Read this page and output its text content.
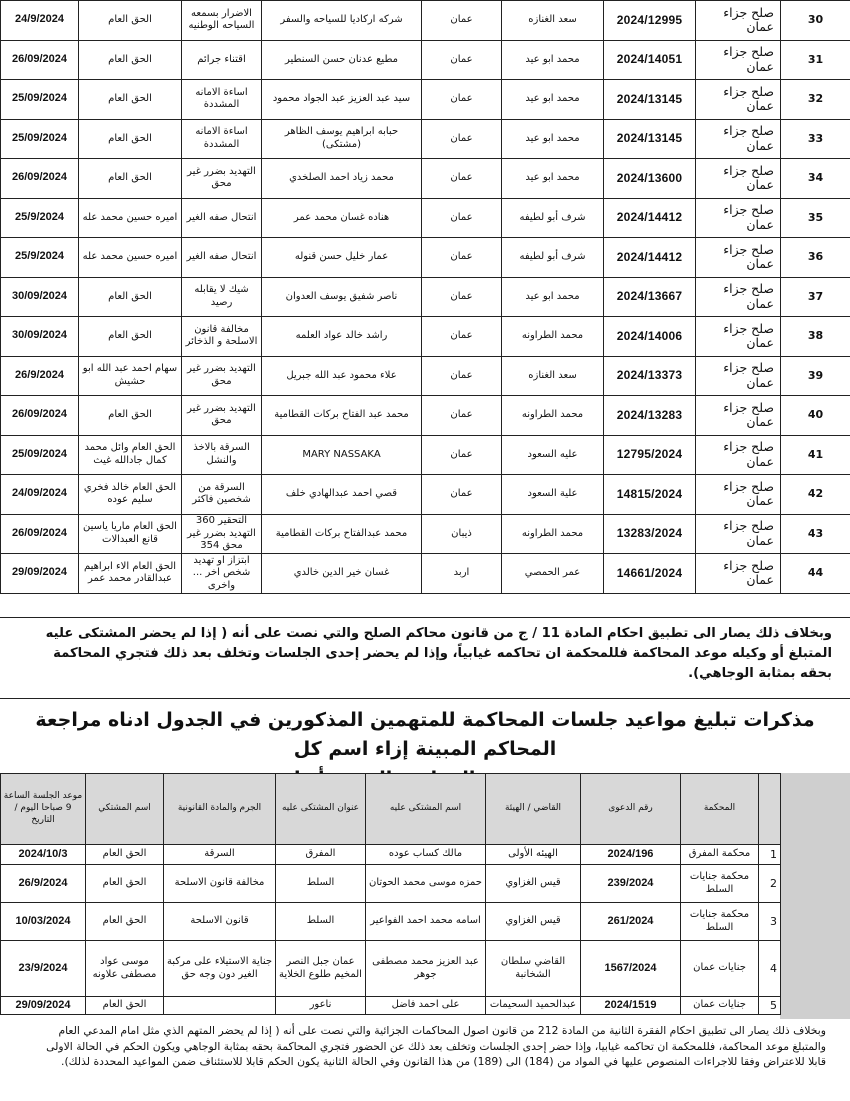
30	صلح جزاء عمان	2024/12995	سعد الغنازه	عمان	شركه اركاديا للسياحه والسفر	الاضرار بسمعه السياحه الوطنيه	الحق العام	24/9/2024
31	صلح جزاء عمان	2024/14051	محمد ابو عيد	عمان	مطيع عدنان حسن السنطير	اقتناء جرائم	الحق العام	26/09/2024
32	صلح جزاء عمان	2024/13145	محمد ابو عيد	عمان	سيد عبد العزيز عبد الجواد محمود	اساءة الامانه المشددة	الحق العام	25/09/2024
33	صلح جزاء عمان	2024/13145	محمد ابو عيد	عمان	حبابه ابراهيم يوسف الظاهر (مشتكى)	اساءة الامانه المشددة	الحق العام	25/09/2024
34	صلح جزاء عمان	2024/13600	محمد ابو عيد	عمان	محمد زياد احمد الصلخدي	التهديد بضرر غير محق	الحق العام	26/09/2024
35	صلح جزاء عمان	2024/14412	شرف أبو لطيفه	عمان	هناده غسان محمد عمر	انتحال صفه الغير	اميره حسين محمد عله	25/9/2024
36	صلح جزاء عمان	2024/14412	شرف أبو لطيفه	عمان	عمار خليل حسن قنوله	انتحال صفه الغير	اميره حسين محمد عله	25/9/2024
37	صلح جزاء عمان	2024/13667	محمد ابو عيد	عمان	ناصر شفيق يوسف العدوان	شيك لا يقابله رصيد	الحق العام	30/09/2024
38	صلح جزاء عمان	2024/14006	محمد الطراونه	عمان	راشد خالد عواد العلمه	مخالفة قانون الاسلحة و الذخائر	الحق العام	30/09/2024
39	صلح جزاء عمان	2024/13373	سعد الغنازه	عمان	علاء محمود عبد الله جبريل	التهديد بضرر غير محق	سهام احمد عبد الله ابو حشيش	26/9/2024
40	صلح جزاء عمان	2024/13283	محمد الطراونه	عمان	محمد عبد الفتاح بركات القطامية	التهديد بضرر غير محق	الحق العام	26/09/2024
41	صلح جزاء عمان	12795/2024	عليه السعود	عمان	MARY NASSAKA	السرقة بالاخذ والنشل	الحق العام وائل محمد كمال جادالله غيث	25/09/2024
42	صلح جزاء عمان	14815/2024	علية السعود	عمان	قصي احمد عبدالهادي خلف	السرقة من شخصين فاكثر	الحق العام خالد فخري سليم عوده	24/09/2024
43	صلح جزاء عمان	13283/2024	محمد الطراونه	ذيبان	محمد عبدالفتاح بركات القطامية	التحقير 360 التهديد بضرر غير محق 354	الحق العام ماريا ياسين قانع العبدالات	26/09/2024
44	صلح جزاء عمان	14661/2024	عمر الحمصي	اربد	غسان خير الدين خالدي	ابتزاز او تهديد شخص اخر ... واخرى	الحق العام الاء ابراهيم عبدالقادر محمد عمر	29/09/2024

وبخلاف ذلك يصار الى تطبيق احكام المادة 11 / ج من قانون محاكم الصلح والتي نصت على أنه ( إذا لم يحضر المشتكى عليه المتبلغ أو وكيله موعد المحاكمة فللمحكمة ان تحاكمه غيابياً، وإذا لم يحضر إحدى الجلسات وتخلف بعد ذلك فتجري المحاكمة بحقه بمثابة الوجاهي).

مذكرات تبليغ مواعيد جلسات المحاكمة للمتهمين المذكورين في الجدول ادناه مراجعة المحاكم المبينة إزاء اسم كل
	المحكمة	رقم الدعوى	القاضي / الهيئة	اسم المشتكى عليه	عنوان المشتكى عليه	الجرم والمادة القانونية	اسم المشتكي	موعد الجلسة الساعة 9 صباحا اليوم / التاريخ
1	محكمة المفرق	2024/196	الهيئه الأولى	مالك كساب عوده	المفرق	السرقة	الحق العام	2024/10/3
2	محكمة جنايات السلط	239/2024	قيس الغزاوي	حمزه موسى محمد الحوتان	السلط	مخالفة قانون الاسلحة	الحق العام	26/9/2024
3	محكمة جنايات السلط	261/2024	قيس الغزاوي	اسامه محمد احمد الفواعير	السلط	قانون الاسلحة	الحق العام	10/03/2024
4	جنايات عمان	1567/2024	القاضي سلطان الشخانبة	عبد العزيز محمد مصطفى جوهر	عمان جبل النصر المخيم طلوع الخلاية	جناية الاستيلاء على مركبة الغير دون وجه حق	موسى عواد مصطفى علاونه	23/9/2024
5	جنايات عمان	2024/1519	عبدالحميد السحيمات	على احمد فاضل	ناعور		الحق العام	29/09/2024

وبخلاف ذلك يصار الى تطبيق احكام الفقرة الثانية من المادة 212 من قانون اصول المحاكمات الجزائية والتي نصت على أنه ( إذا لم يحضر المتهم الذي مثل امام المدعي العام والمتبلغ موعد المحاكمة، فللمحكمة ان تحاكمه غيابيا، وإذا حضر إحدى الجلسات وتخلف بعد ذلك عن الحضور فتجري المحاكمة بحقه بمثابة الوجاهي ويكون الحكم في الحالة الاولى قابلا للاعتراض وفقا للاجراءات المنصوص عليها في المواد من (184) الى (189) من هذا القانون وفي الحالة الثانية يكون الحكم قابلا للاستئناف ضمن المواعيد المحددة لذلك).
